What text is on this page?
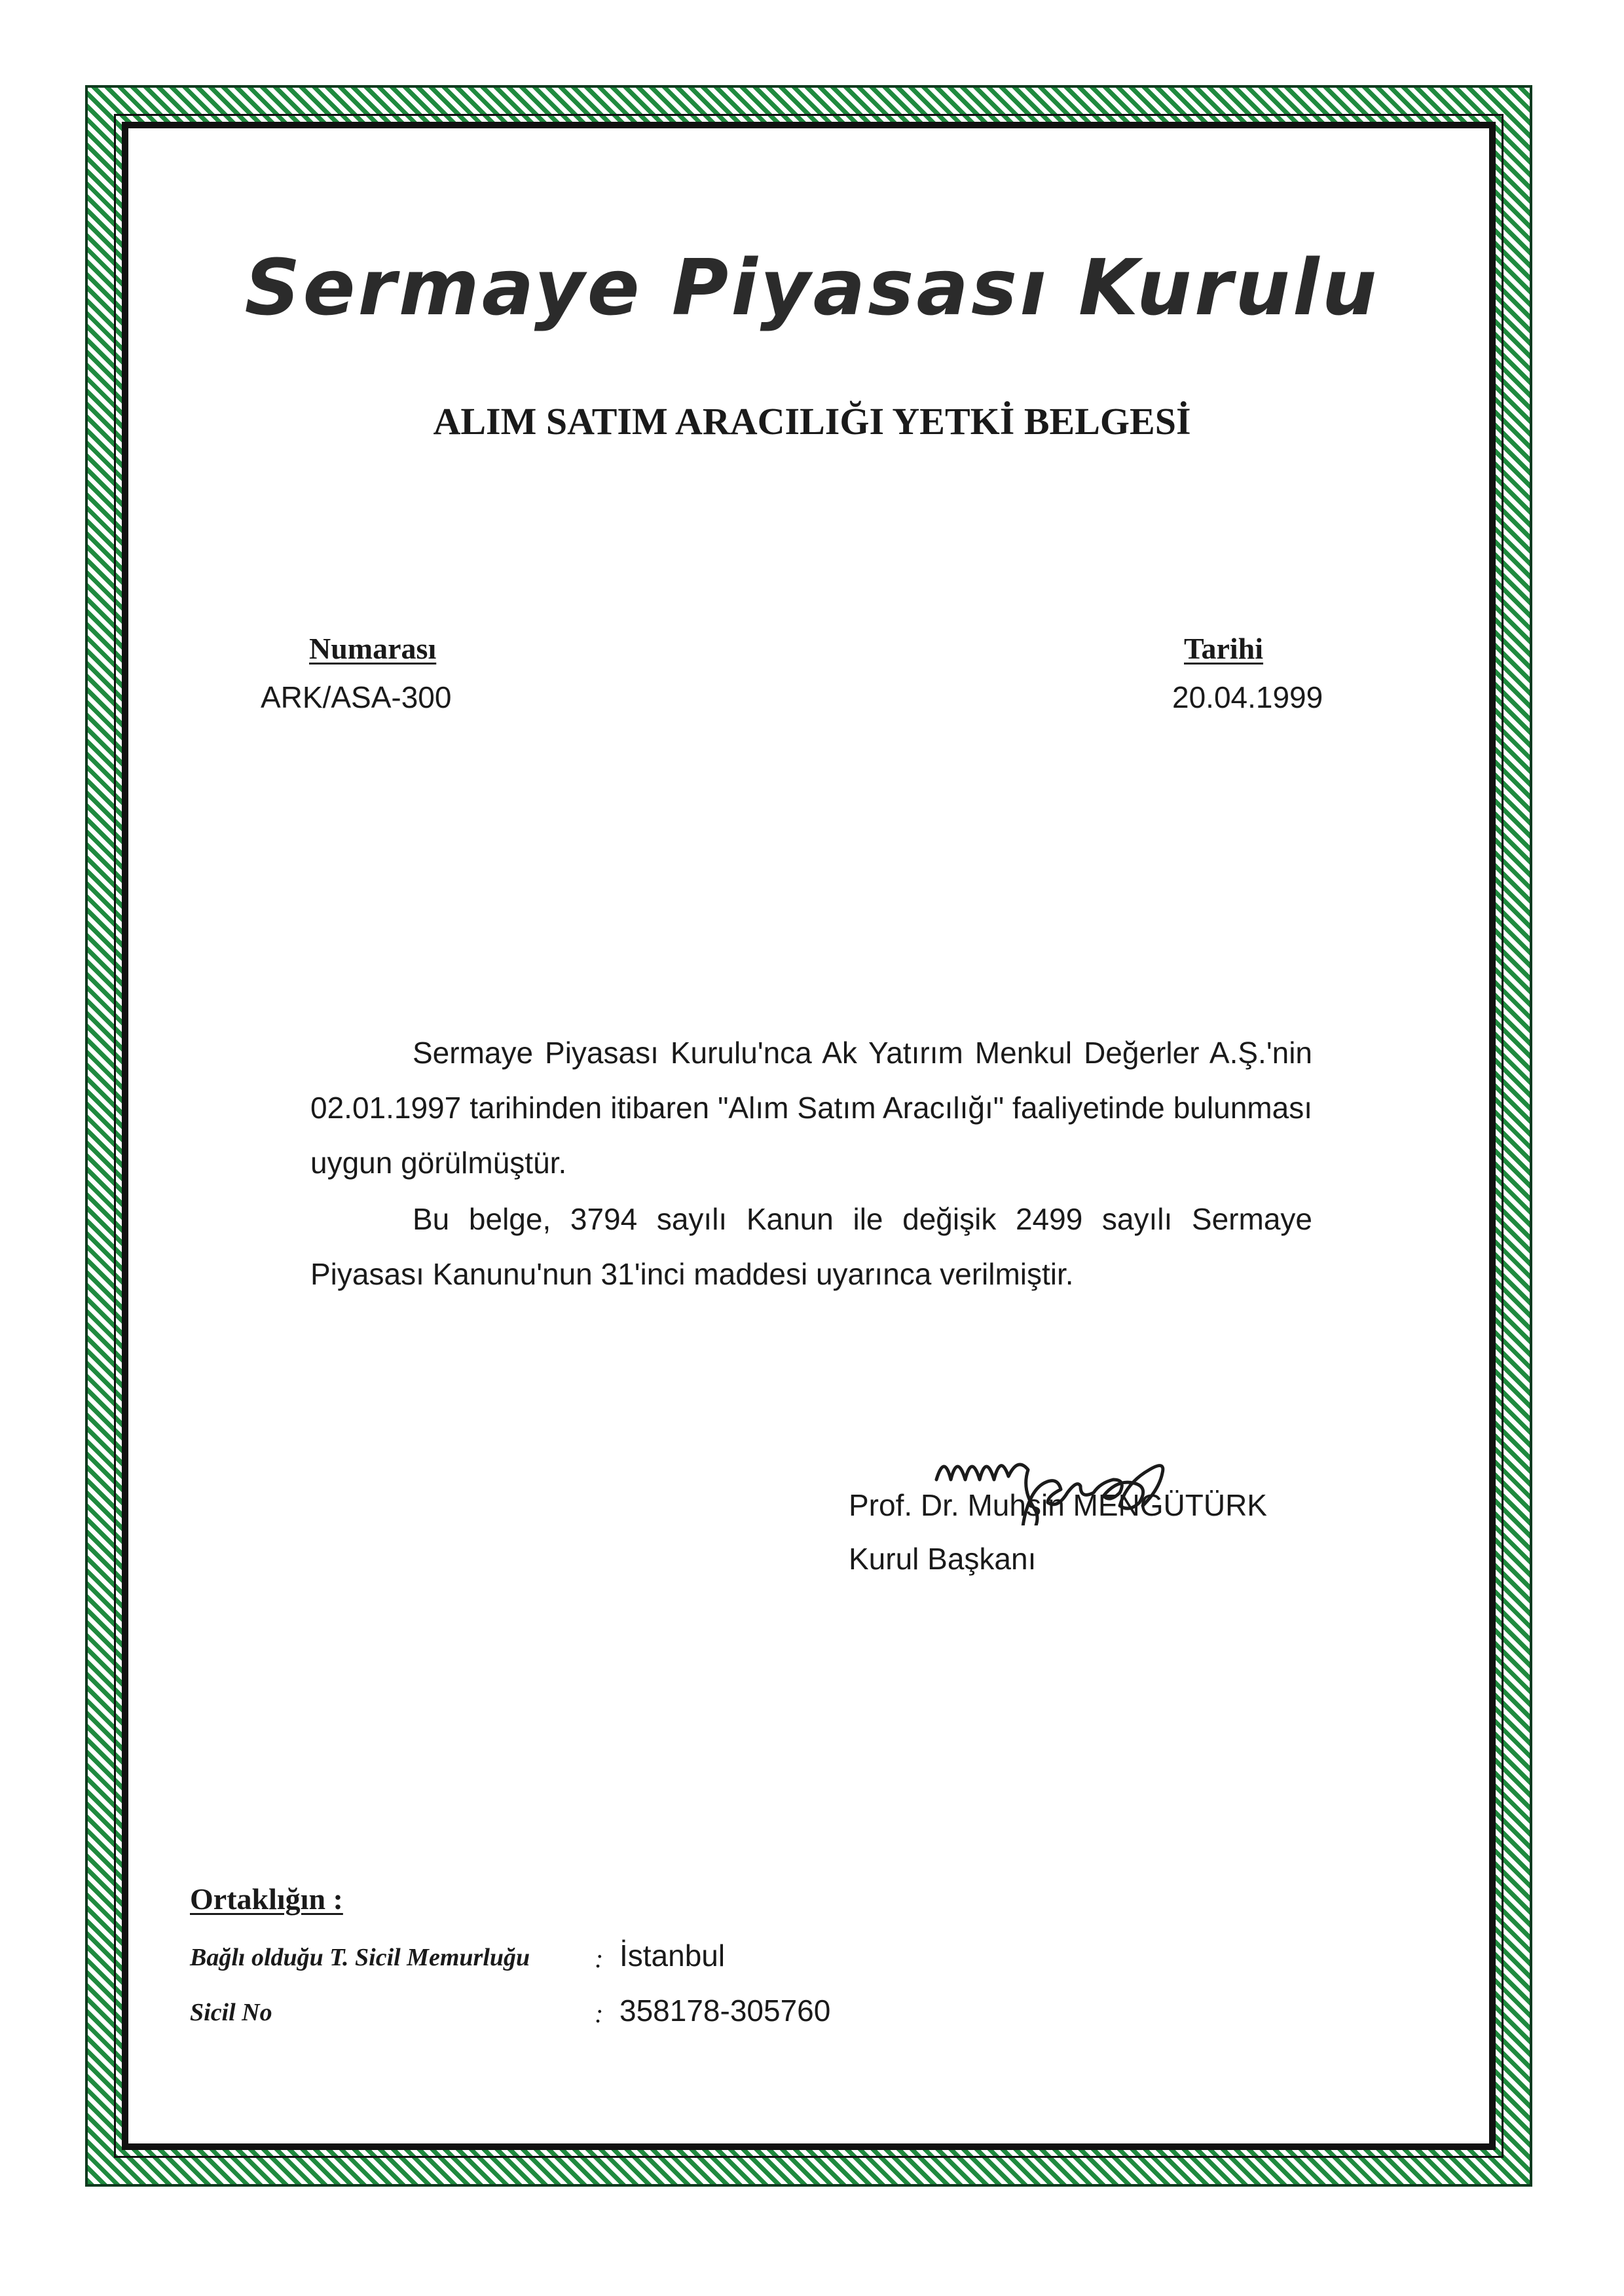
Sermaye Piyasası Kurulu
ALIM SATIM ARACILIĞI YETKİ BELGESİ
Numarası
ARK/ASA-300
Tarihi
20.04.1999

Sermaye Piyasası Kurulu'nca Ak Yatırım Menkul Değerler A.Ş.'nin 02.01.1997 tarihinden itibaren "Alım Satım Aracılığı" faaliyetinde bulunması uygun görülmüştür.

Bu belge, 3794 sayılı Kanun ile değişik 2499 sayılı Sermaye Piyasası Kanunu'nun 31'inci maddesi uyarınca verilmiştir.

Prof. Dr. Muhsin MENGÜTÜRK
Kurul Başkanı
Ortaklığın :
Bağlı olduğu T. Sicil Memurluğu : İstanbul
Sicil No	: 358178-305760
